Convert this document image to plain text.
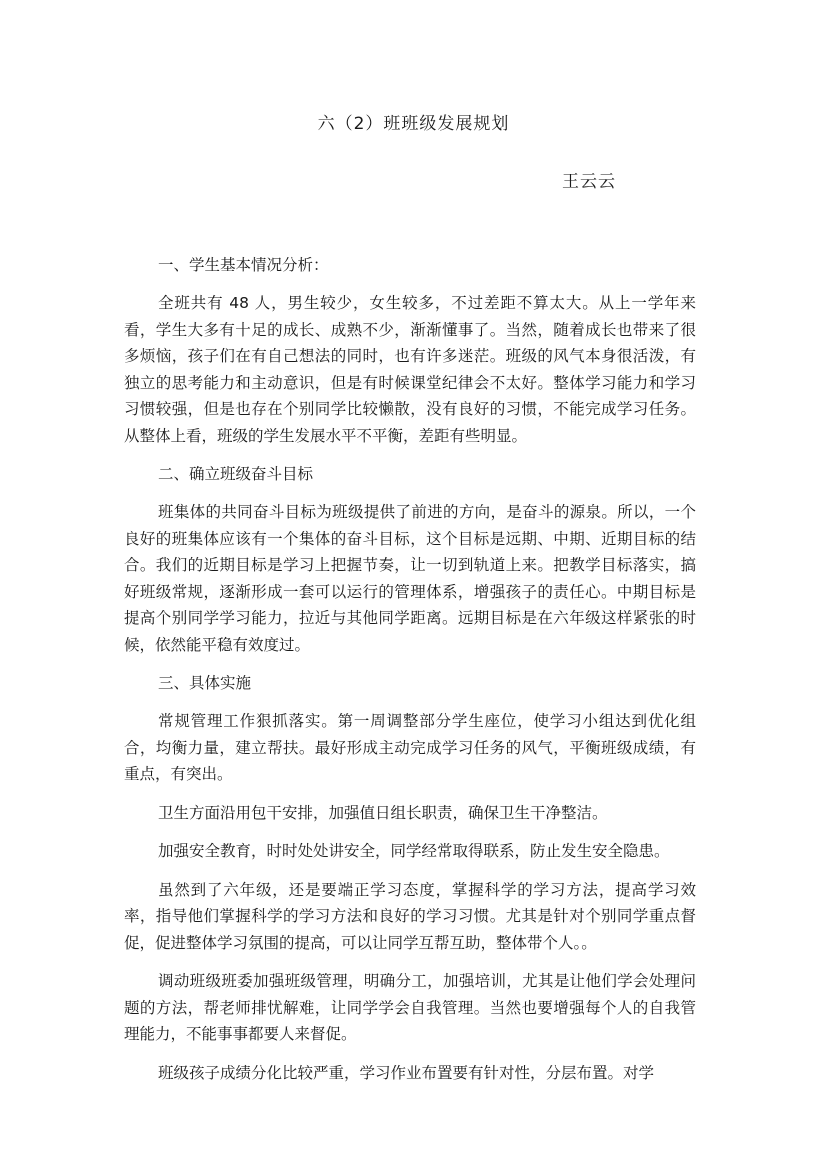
六（2）班班级发展规划
王云云

一、学生基本情况分析：

全班共有 48 人，男生较少，女生较多，不过差距不算太大。从上一学年来看，学生大多有十足的成长、成熟不少，渐渐懂事了。当然，随着成长也带来了很多烦恼，孩子们在有自己想法的同时，也有许多迷茫。班级的风气本身很活泼，有独立的思考能力和主动意识，但是有时候课堂纪律会不太好。整体学习能力和学习习惯较强，但是也存在个别同学比较懒散，没有良好的习惯，不能完成学习任务。从整体上看，班级的学生发展水平不平衡，差距有些明显。

二、确立班级奋斗目标

班集体的共同奋斗目标为班级提供了前进的方向，是奋斗的源泉。所以，一个良好的班集体应该有一个集体的奋斗目标，这个目标是远期、中期、近期目标的结合。我们的近期目标是学习上把握节奏，让一切到轨道上来。把教学目标落实，搞好班级常规，逐渐形成一套可以运行的管理体系，增强孩子的责任心。中期目标是提高个别同学学习能力，拉近与其他同学距离。远期目标是在六年级这样紧张的时候，依然能平稳有效度过。

三、具体实施

常规管理工作狠抓落实。第一周调整部分学生座位，使学习小组达到优化组合，均衡力量，建立帮扶。最好形成主动完成学习任务的风气，平衡班级成绩，有重点，有突出。

卫生方面沿用包干安排，加强值日组长职责，确保卫生干净整洁。

加强安全教育，时时处处讲安全，同学经常取得联系，防止发生安全隐患。

虽然到了六年级，还是要端正学习态度，掌握科学的学习方法，提高学习效率，指导他们掌握科学的学习方法和良好的学习习惯。尤其是针对个别同学重点督促，促进整体学习氛围的提高，可以让同学互帮互助，整体带个人。。

调动班级班委加强班级管理，明确分工，加强培训，尤其是让他们学会处理问题的方法，帮老师排忧解难，让同学学会自我管理。当然也要增强每个人的自我管理能力，不能事事都要人来督促。

班级孩子成绩分化比较严重，学习作业布置要有针对性，分层布置。对学
